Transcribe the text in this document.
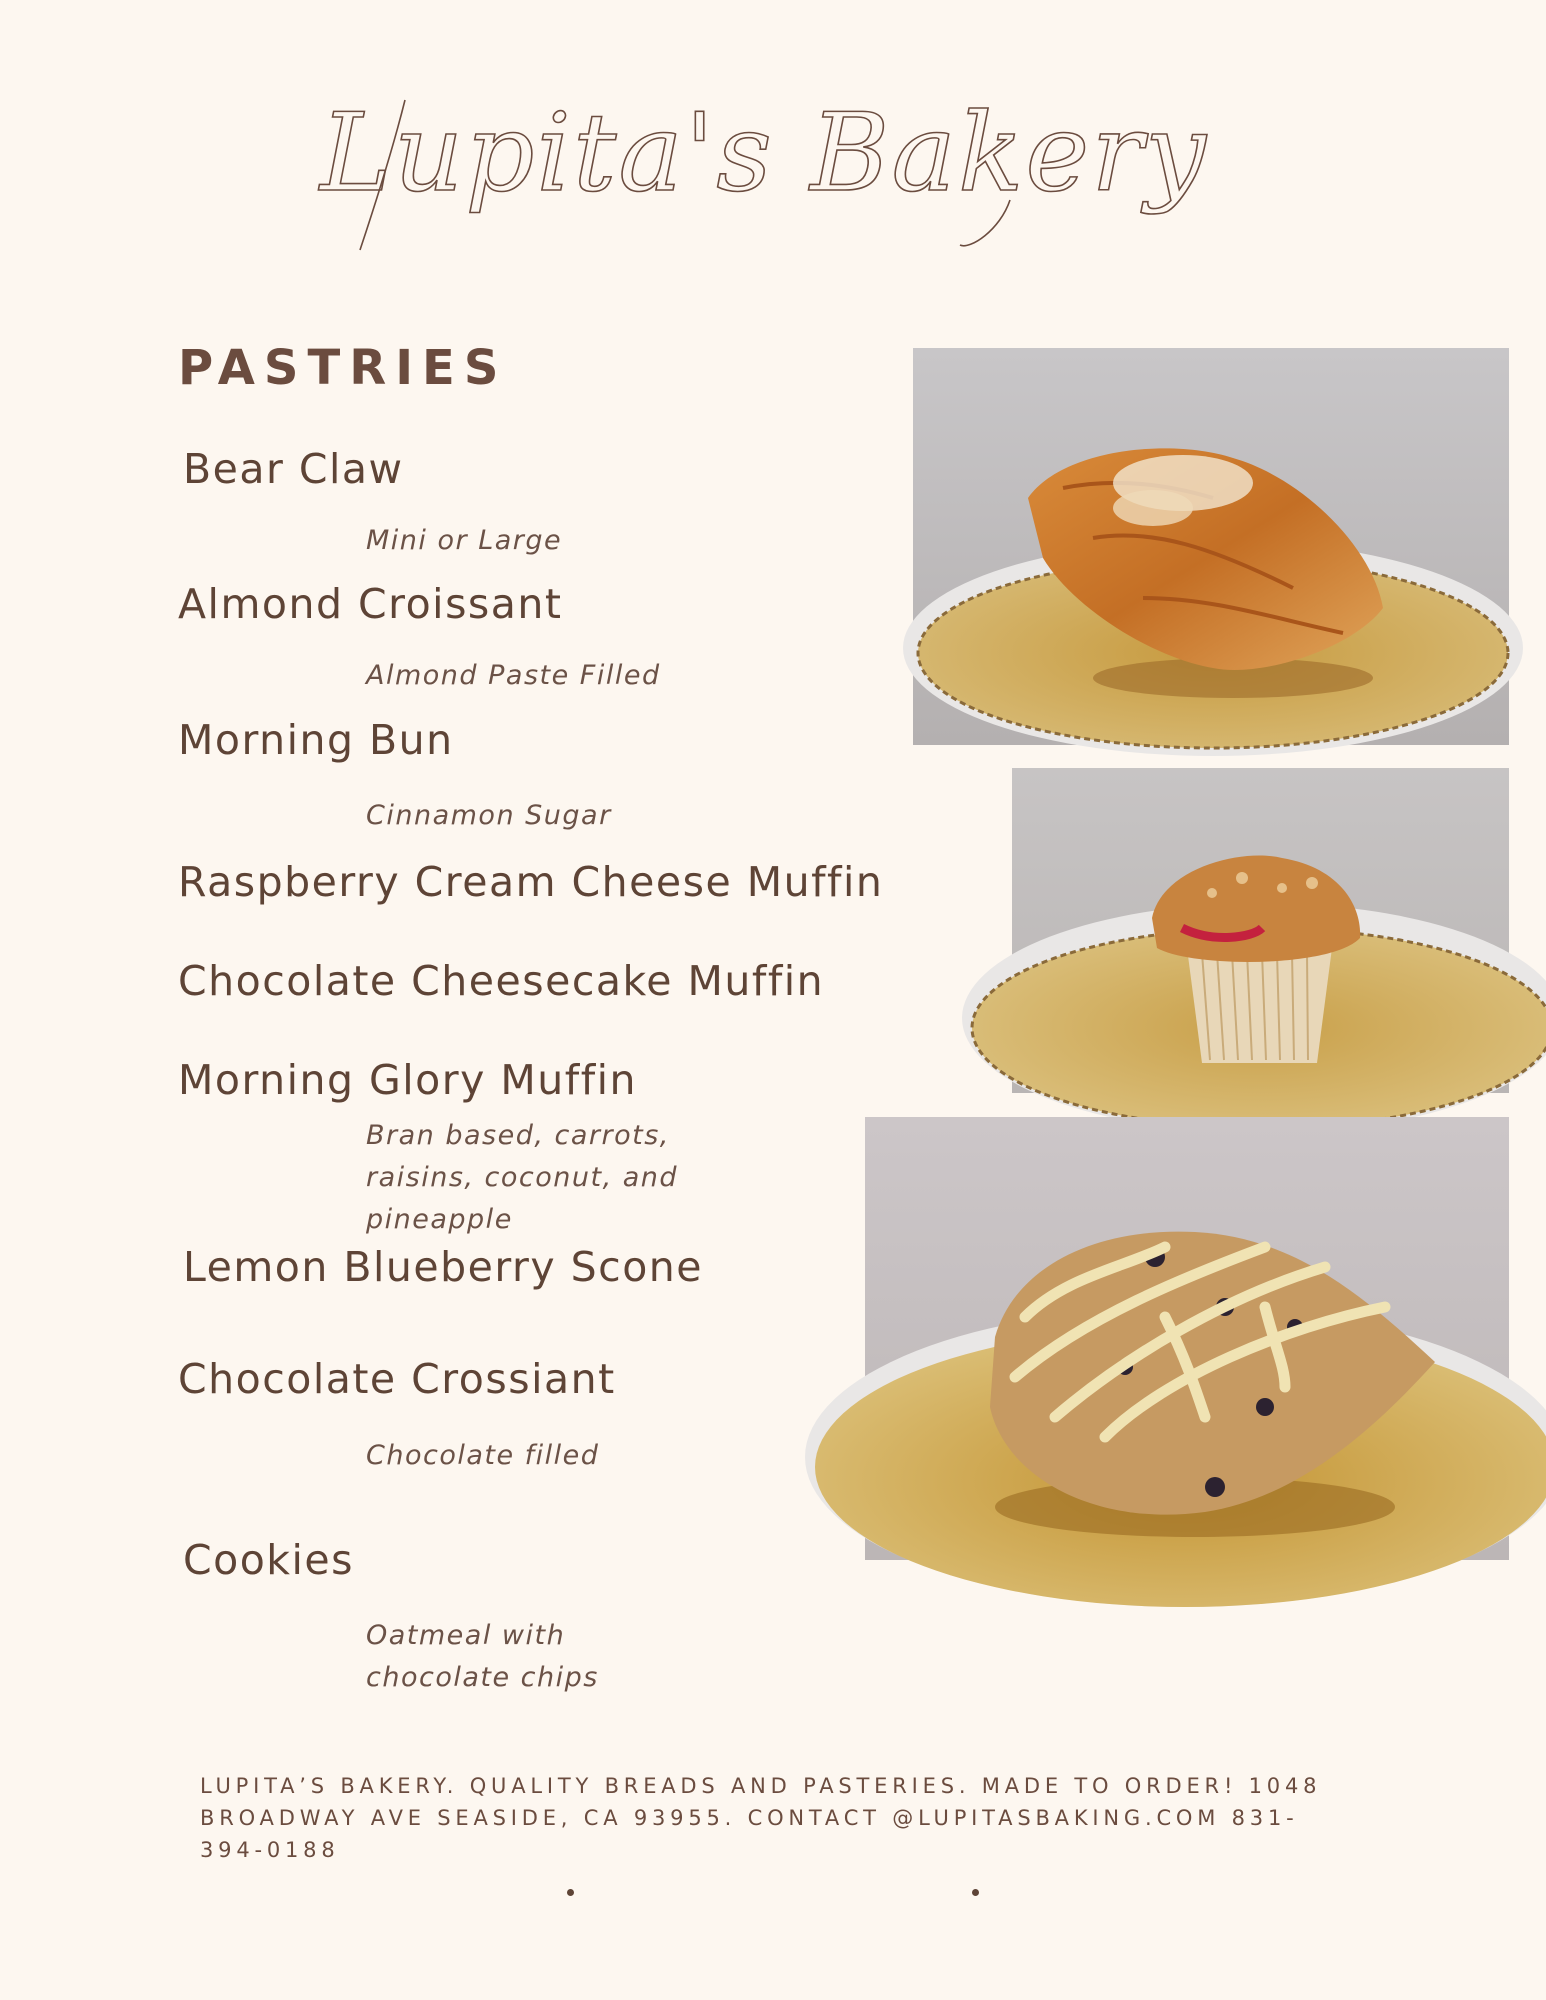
Lupita's Bakery
PASTRIES
Bear Claw
Mini or Large
Almond Croissant
Almond Paste Filled
Morning Bun
Cinnamon Sugar
Raspberry Cream Cheese Muffin
Chocolate Cheesecake Muffin
Morning Glory Muffin
Bran based, carrots,
raisins, coconut, and
pineapple
Lemon Blueberry Scone
Chocolate Crossiant
Chocolate filled
Cookies
Oatmeal with
chocolate chips
LUPITA’S BAKERY. QUALITY BREADS AND PASTERIES. MADE TO ORDER! 1048
BROADWAY AVE SEASIDE, CA 93955. CONTACT @LUPITASBAKING.COM 831-
394-0188
